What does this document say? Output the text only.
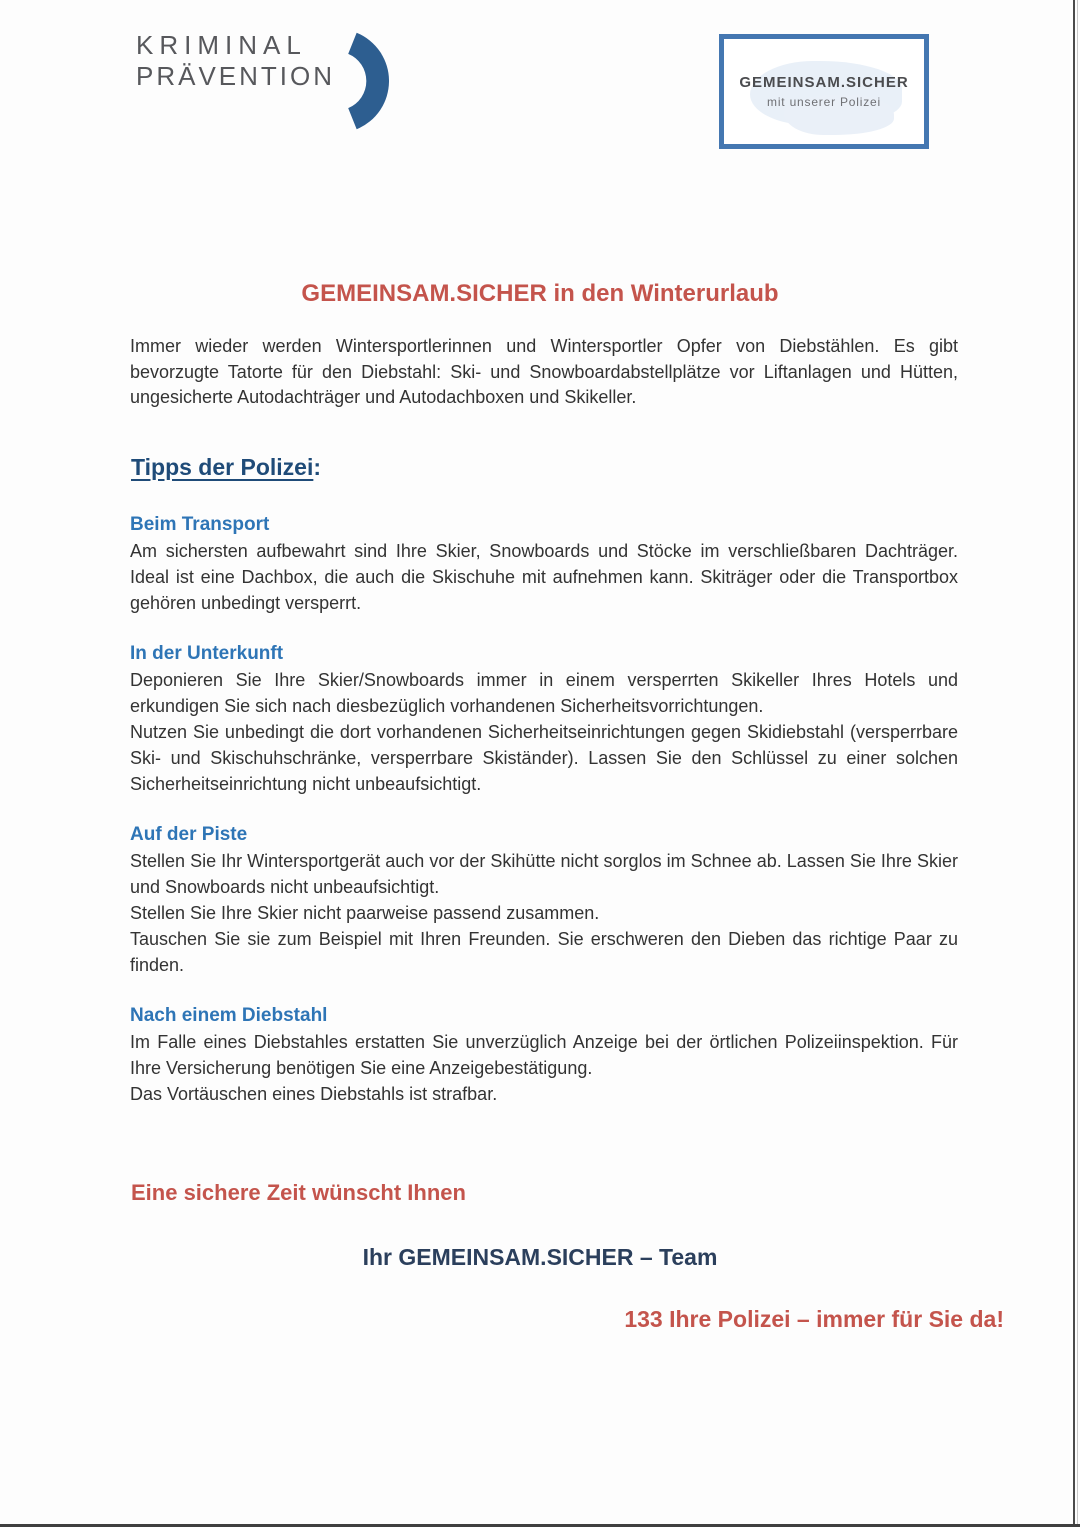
KRIMINAL
PRÄVENTION	GEMEINSAM.SICHER
mit unserer Polizei
GEMEINSAM.SICHER in den Winterurlaub
Immer wieder werden Wintersportlerinnen und Wintersportler Opfer von Diebstählen. Es gibt bevorzugte Tatorte für den Diebstahl: Ski- und Snowboardabstellplätze vor Liftanlagen und Hütten, ungesicherte Autodachträger und Autodachboxen und Skikeller.
Tipps der Polizei:
Beim Transport

Am sichersten aufbewahrt sind Ihre Skier, Snowboards und Stöcke im verschließbaren Dachträger. Ideal ist eine Dachbox, die auch die Skischuhe mit aufnehmen kann. Skiträger oder die Transportbox gehören unbedingt versperrt.

In der Unterkunft

Deponieren Sie Ihre Skier/Snowboards immer in einem versperrten Skikeller Ihres Hotels und erkundigen Sie sich nach diesbezüglich vorhandenen Sicherheitsvorrichtungen.

Nutzen Sie unbedingt die dort vorhandenen Sicherheitseinrichtungen gegen Skidiebstahl (versperrbare Ski- und Skischuhschränke, versperrbare Skiständer). Lassen Sie den Schlüssel zu einer solchen Sicherheitseinrichtung nicht unbeaufsichtigt.

Auf der Piste

Stellen Sie Ihr Wintersportgerät auch vor der Skihütte nicht sorglos im Schnee ab. Lassen Sie Ihre Skier und Snowboards nicht unbeaufsichtigt.

Stellen Sie Ihre Skier nicht paarweise passend zusammen.

Tauschen Sie sie zum Beispiel mit Ihren Freunden. Sie erschweren den Dieben das richtige Paar zu finden.

Nach einem Diebstahl

Im Falle eines Diebstahles erstatten Sie unverzüglich Anzeige bei der örtlichen Polizeiinspektion. Für Ihre Versicherung benötigen Sie eine Anzeigebestätigung.

Das Vortäuschen eines Diebstahls ist strafbar.

Eine sichere Zeit wünscht Ihnen
Ihr GEMEINSAM.SICHER – Team
133 Ihre Polizei – immer für Sie da!
